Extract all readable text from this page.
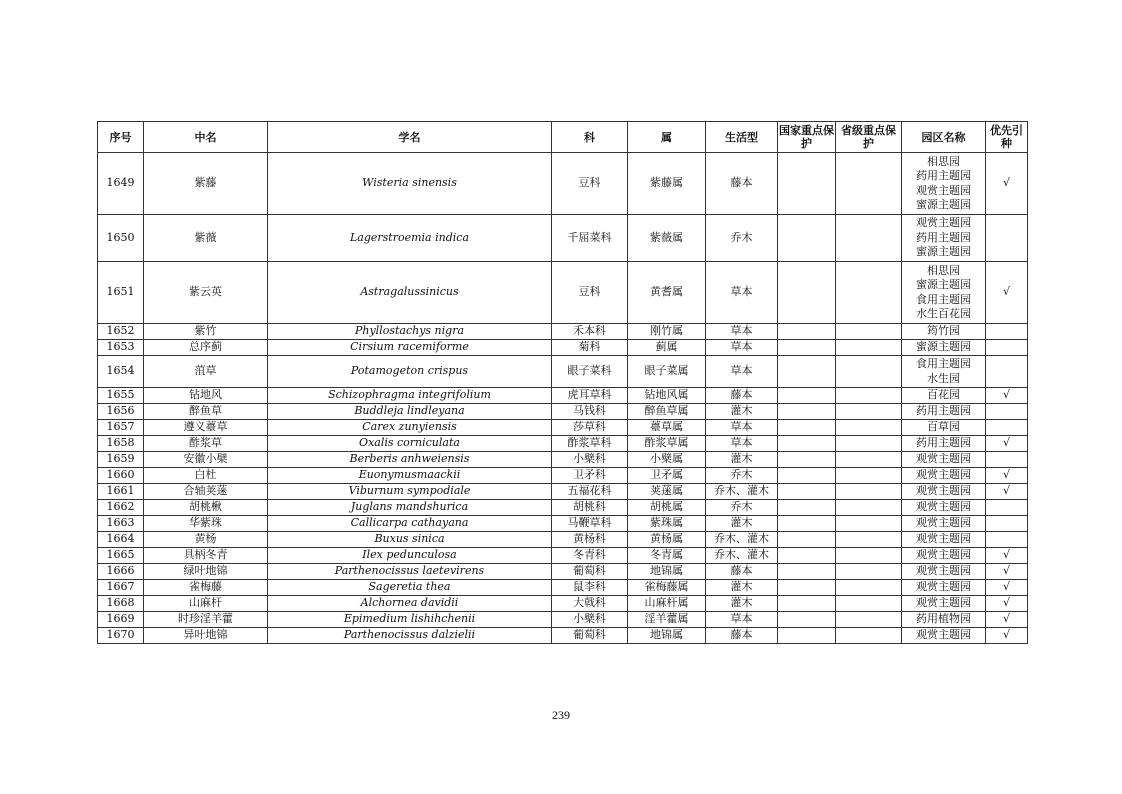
序号	中名	学名	科	属	生活型	国家重点保护	省级重点保护	园区名称	优先引种
1649	紫藤	Wisteria sinensis	豆科	紫藤属	藤本			相思园
药用主题园
观赏主题园
蜜源主题园	√
1650	紫薇	Lagerstroemia indica	千屈菜科	紫薇属	乔木			观赏主题园
药用主题园
蜜源主题园	

1651	紫云英	Astragalussinicus	豆科	黄耆属	草本			相思园
蜜源主题园
食用主题园
水生百花园	√
1652	紫竹	Phyllostachys nigra	禾本科	刚竹属	草本			筠竹园	

1653	总序蓟	Cirsium racemiforme	菊科	蓟属	草本			蜜源主题园	

1654	菹草	Potamogeton crispus	眼子菜科	眼子菜属	草本			食用主题园
水生园	

1655	钻地风	Schizophragma integrifolium	虎耳草科	钻地风属	藤本			百花园	√
1656	醉鱼草	Buddleja lindleyana	马钱科	醉鱼草属	灌木			药用主题园	

1657	遵义薹草	Carex zunyiensis	莎草科	薹草属	草本			百草园	

1658	酢浆草	Oxalis corniculata	酢浆草科	酢浆草属	草本			药用主题园	√
1659	安徽小檗	Berberis anhweiensis	小檗科	小檗属	灌木			观赏主题园	

1660	白杜	Euonymusmaackii	卫矛科	卫矛属	乔木			观赏主题园	√
1661	合轴荚蒾	Viburnum sympodiale	五福花科	荚蒾属	乔木、灌木			观赏主题园	√
1662	胡桃楸	Juglans mandshurica	胡桃科	胡桃属	乔木			观赏主题园	

1663	华紫珠	Callicarpa cathayana	马鞭草科	紫珠属	灌木			观赏主题园	

1664	黄杨	Buxus sinica	黄杨科	黄杨属	乔木、灌木			观赏主题园	

1665	具柄冬青	Ilex pedunculosa	冬青科	冬青属	乔木、灌木			观赏主题园	√
1666	绿叶地锦	Parthenocissus laetevirens	葡萄科	地锦属	藤本			观赏主题园	√
1667	雀梅藤	Sageretia thea	鼠李科	雀梅藤属	灌木			观赏主题园	√
1668	山麻杆	Alchornea davidii	大戟科	山麻杆属	灌木			观赏主题园	√
1669	时珍淫羊藿	Epimedium lishihchenii	小檗科	淫羊藿属	草本			药用植物园	√
1670	异叶地锦	Parthenocissus dalzielii	葡萄科	地锦属	藤本			观赏主题园	√
239
